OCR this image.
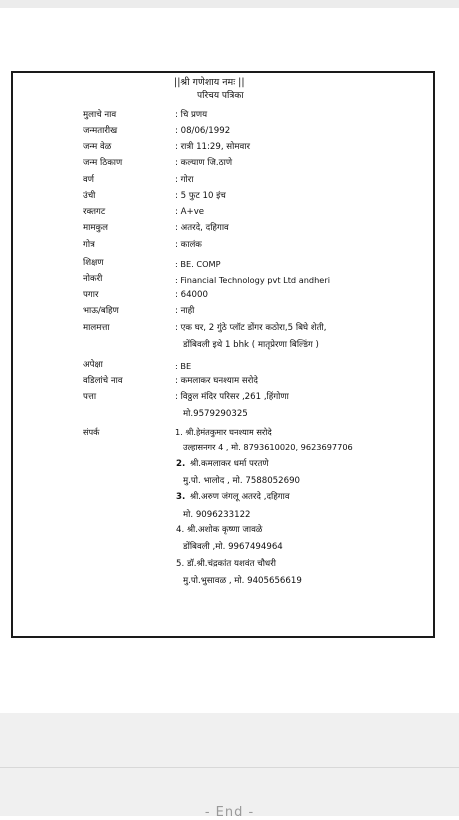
||श्री गणेशाय नमः ||
परिचय पत्रिका
मुलाचे नाव	: चि प्रणय
जन्मतारीख	: 08/06/1992
जन्म वेळ	: रात्री 11:29, सोमवार
जन्म ठिकाण	: कल्याण जि.ठाणे
वर्ण	: गोरा
उंची	: 5 फुट 10 इंच
रक्तगट	: A+ve
मामकुल	: अतरदे, दहिगाव
गोत्र	: कालंक
शिक्षण	: BE. COMP
नोकरी	: Financial Technology pvt Ltd andheri
पगार	: 64000
भाऊ/बहिण	: नाही
मालमत्ता	: एक घर, 2 गुंठे प्लॉट डोंगर कठोरा,5 बिघे शेती,
डोंबिवली इथे 1 bhk ( मातृप्रेरणा बिल्डिंग )
अपेक्षा	: BE
वडिलांचे नाव	: कमलाकर घनश्याम सरोदे
पत्ता	: विठ्ठल मंदिर परिसर ,261 ,हिंगोणा
मो.9579290325
संपर्क	1. श्री.हेमंतकुमार घनश्याम सरोदे
उल्हासनगर 4 , मो. 8793610020, 9623697706
2. श्री.कमलाकर धर्मा परतणे
मु.पो. भालोद , मो. 7588052690
3. श्री.अरुण जंगलू अतरदे ,दहिगाव
मो. 9096233122
4. श्री.अशोक कृष्णा जावळे
डोंबिवली ,मो. 9967494964
5. डॉ.श्री.चंद्रकांत यशवंत चौधरी
मु.पो.भुसावळ , मो. 9405656619
- End -
